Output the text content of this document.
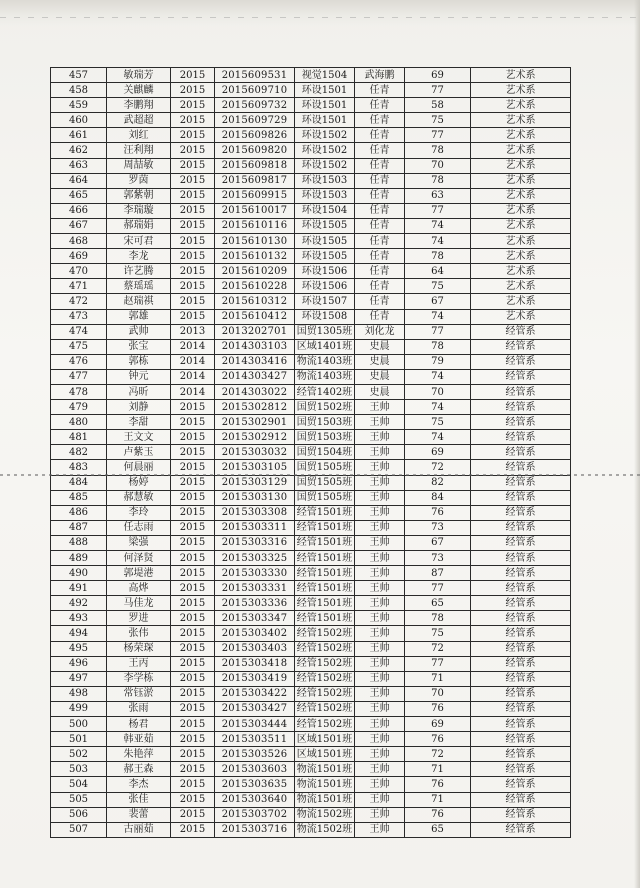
457	敏瑞芳	2015	2015609531	视觉1504	武海鹏	69	艺术系
458	关麒麟	2015	2015609710	环设1501	任青	77	艺术系
459	李鹏翔	2015	2015609732	环设1501	任青	58	艺术系
460	武超超	2015	2015609729	环设1501	任青	75	艺术系
461	刘红	2015	2015609826	环设1502	任青	77	艺术系
462	汪利翔	2015	2015609820	环设1502	任青	78	艺术系
463	周喆敏	2015	2015609818	环设1502	任青	70	艺术系
464	罗茵	2015	2015609817	环设1503	任青	78	艺术系
465	郭紫朝	2015	2015609915	环设1503	任青	63	艺术系
466	李瑞璇	2015	2015610017	环设1504	任青	77	艺术系
467	郝瑞娟	2015	2015610116	环设1505	任青	74	艺术系
468	宋可君	2015	2015610130	环设1505	任青	74	艺术系
469	李龙	2015	2015610132	环设1505	任青	78	艺术系
470	许艺腾	2015	2015610209	环设1506	任青	64	艺术系
471	蔡瑶瑶	2015	2015610228	环设1506	任青	75	艺术系
472	赵瑞祺	2015	2015610312	环设1507	任青	67	艺术系
473	郭雄	2015	2015610412	环设1508	任青	74	艺术系
474	武帅	2013	2013202701	国贸1305班	刘化龙	77	经管系
475	张宝	2014	2014303103	区域1401班	史晨	78	经管系
476	郭栋	2014	2014303416	物流1403班	史晨	79	经管系
477	钟元	2014	2014303427	物流1403班	史晨	74	经管系
478	冯昕	2014	2014303022	经管1402班	史晨	70	经管系
479	刘静	2015	2015302812	国贸1502班	王帅	74	经管系
480	李甜	2015	2015302901	国贸1503班	王帅	75	经管系
481	王文文	2015	2015302912	国贸1503班	王帅	74	经管系
482	卢紫玉	2015	2015303032	国贸1504班	王帅	69	经管系
483	何晨丽	2015	2015303105	国贸1505班	王帅	72	经管系
484	杨婷	2015	2015303129	国贸1505班	王帅	82	经管系
485	郝慧敏	2015	2015303130	国贸1505班	王帅	84	经管系
486	李玲	2015	2015303308	经管1501班	王帅	76	经管系
487	任志雨	2015	2015303311	经管1501班	王帅	73	经管系
488	梁强	2015	2015303316	经管1501班	王帅	67	经管系
489	何泽贤	2015	2015303325	经管1501班	王帅	73	经管系
490	郭堤港	2015	2015303330	经管1501班	王帅	87	经管系
491	高烨	2015	2015303331	经管1501班	王帅	77	经管系
492	马佳龙	2015	2015303336	经管1501班	王帅	65	经管系
493	罗进	2015	2015303347	经管1501班	王帅	78	经管系
494	张伟	2015	2015303402	经管1502班	王帅	75	经管系
495	杨荣琛	2015	2015303403	经管1502班	王帅	72	经管系
496	王丙	2015	2015303418	经管1502班	王帅	77	经管系
497	李学栋	2015	2015303419	经管1502班	王帅	71	经管系
498	常钰淤	2015	2015303422	经管1502班	王帅	70	经管系
499	张雨	2015	2015303427	经管1502班	王帅	76	经管系
500	杨君	2015	2015303444	经管1502班	王帅	69	经管系
501	韩亚茹	2015	2015303511	区域1501班	王帅	76	经管系
502	朱艳萍	2015	2015303526	区域1501班	王帅	72	经管系
503	郝王森	2015	2015303603	物流1501班	王帅	71	经管系
504	李杰	2015	2015303635	物流1501班	王帅	76	经管系
505	张佳	2015	2015303640	物流1501班	王帅	71	经管系
506	裴蕾	2015	2015303702	物流1502班	王帅	76	经管系
507	古丽茹	2015	2015303716	物流1502班	王帅	65	经管系
